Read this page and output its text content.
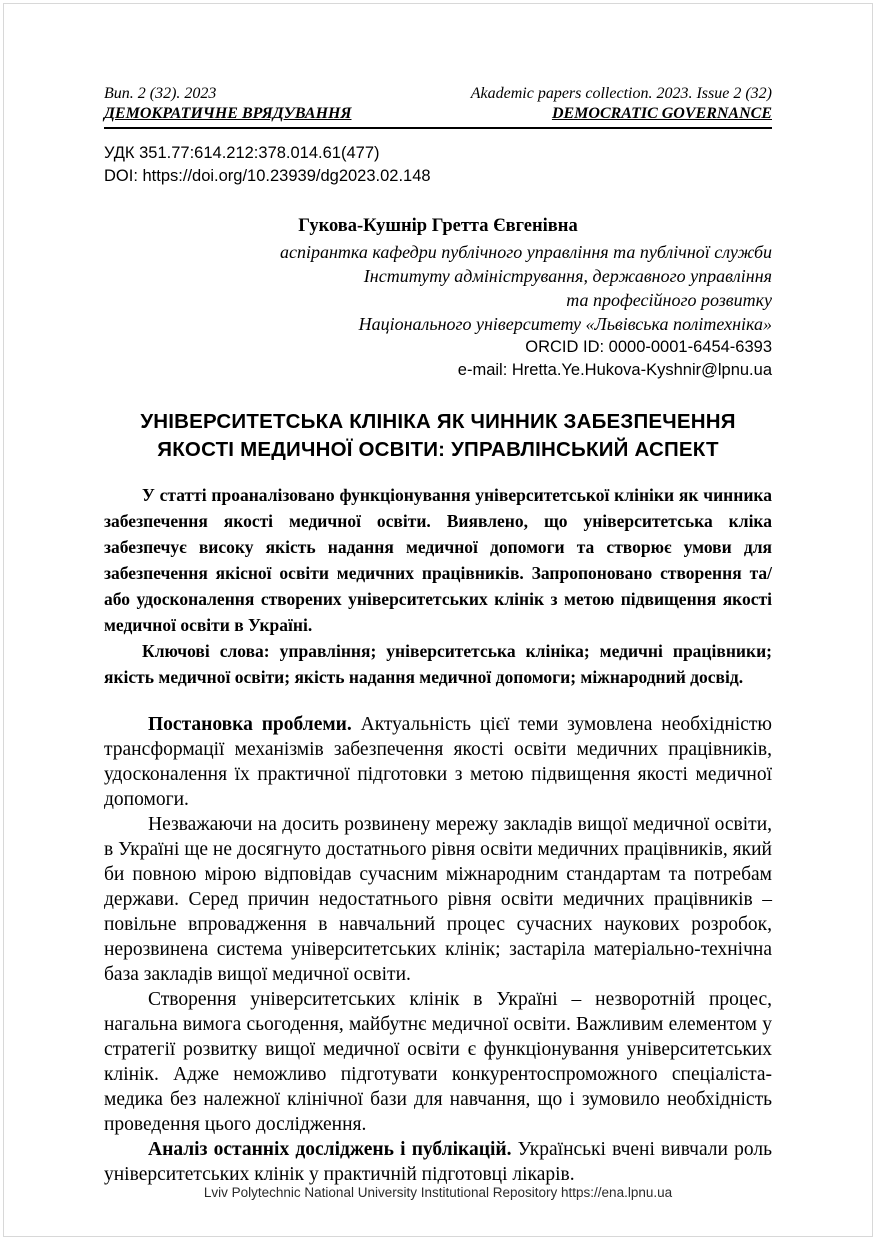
Вип. 2 (32). 2023
ДЕМОКРАТИЧНЕ ВРЯДУВАННЯ
Akademic papers collection. 2023. Issue 2 (32)
DEMOCRATIC GOVERNANCE
УДК 351.77:614.212:378.014.61(477)
DOI: https://doi.org/10.23939/dg2023.02.148
Гукова-Кушнір Гретта Євгенівна
аспірантка кафедри публічного управління та публічної служби
Інституту адміністрування, державного управління
та професійного розвитку
Національного університету «Львівська політехніка»
ORCID ID: 0000-0001-6454-6393
e-mail: Hretta.Ye.Hukova-Kyshnir@lpnu.ua
УНІВЕРСИТЕТСЬКА КЛІНІКА ЯК ЧИННИК ЗАБЕЗПЕЧЕННЯ ЯКОСТІ МЕДИЧНОЇ ОСВІТИ: УПРАВЛІНСЬКИЙ АСПЕКТ

У статті проаналізовано функціонування університетської клініки як чинника забезпечення якості медичної освіти. Виявлено, що університетська кліка забезпечує високу якість надання медичної допомоги та створює умови для забезпечення якісної освіти медичних працівників. Запропоновано створення та/або удосконалення створених університетських клінік з метою підвищення якості медичної освіти в Україні.

Ключові слова: управління; університетська клініка; медичні працівники; якість медичної освіти; якість надання медичної допомоги; міжнародний досвід.

Постановка проблеми. Актуальність цієї теми зумовлена необхідністю трансформації механізмів забезпечення якості освіти медичних працівників, удосконалення їх практичної підготовки з метою підвищення якості медичної допомоги.

Незважаючи на досить розвинену мережу закладів вищої медичної освіти, в Україні ще не досягнуто достатнього рівня освіти медичних працівників, який би повною мірою відповідав сучасним міжнародним стандартам та потребам держави. Серед причин недостатнього рівня освіти медичних працівників – повільне впровадження в навчальний процес сучасних наукових розробок, нерозвинена система університетських клінік; застаріла матеріально-технічна база закладів вищої медичної освіти.

Створення університетських клінік в Україні – незворотній процес, нагальна вимога сьогодення, майбутнє медичної освіти. Важливим елементом у стратегії розвитку вищої медичної освіти є функціонування університетських клінік. Адже неможливо підготувати конкурентоспроможного спеціаліста-медика без належної клінічної бази для навчання, що і зумовило необхідність проведення цього дослідження.

Аналіз останніх досліджень і публікацій. Українські вчені вивчали роль університетських клінік у практичній підготовці лікарів.

Lviv Polytechnic National University Institutional Repository https://ena.lpnu.ua
